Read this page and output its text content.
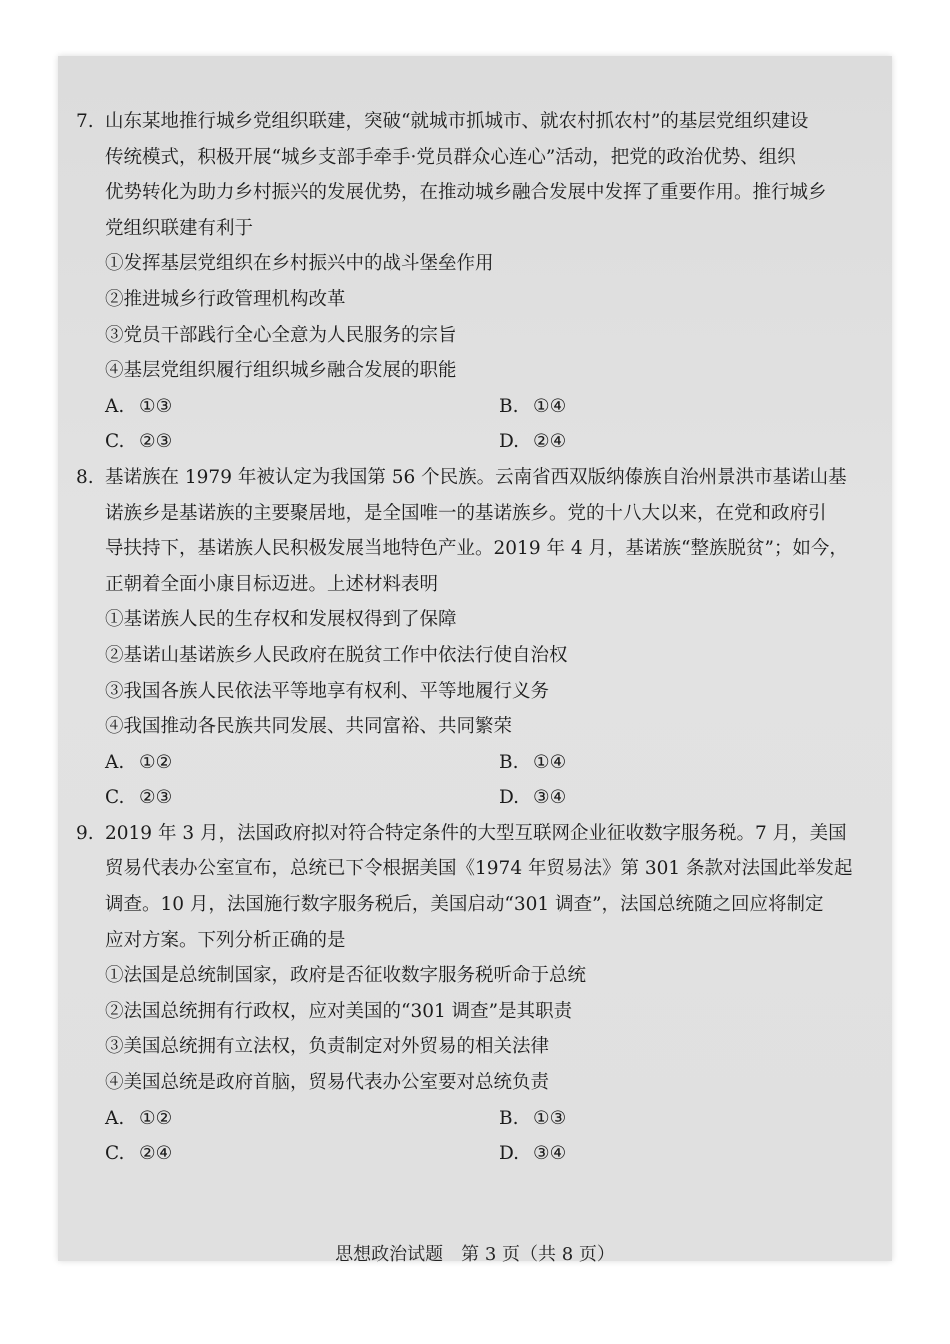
7. 山东某地推行城乡党组织联建，突破“就城市抓城市、就农村抓农村”的基层党组织建设
传统模式，积极开展“城乡支部手牵手·党员群众心连心”活动，把党的政治优势、组织
优势转化为助力乡村振兴的发展优势，在推动城乡融合发展中发挥了重要作用。推行城乡
党组织联建有利于
①发挥基层党组织在乡村振兴中的战斗堡垒作用
②推进城乡行政管理机构改革
③党员干部践行全心全意为人民服务的宗旨
④基层党组织履行组织城乡融合发展的职能
A. ①③	B. ①④
C. ②③	D. ②④
8. 基诺族在 1979 年被认定为我国第 56 个民族。云南省西双版纳傣族自治州景洪市基诺山基
诺族乡是基诺族的主要聚居地，是全国唯一的基诺族乡。党的十八大以来，在党和政府引
导扶持下，基诺族人民积极发展当地特色产业。2019 年 4 月，基诺族“整族脱贫”；如今，
正朝着全面小康目标迈进。上述材料表明
①基诺族人民的生存权和发展权得到了保障
②基诺山基诺族乡人民政府在脱贫工作中依法行使自治权
③我国各族人民依法平等地享有权利、平等地履行义务
④我国推动各民族共同发展、共同富裕、共同繁荣
A. ①②	B. ①④
C. ②③	D. ③④
9. 2019 年 3 月，法国政府拟对符合特定条件的大型互联网企业征收数字服务税。7 月，美国
贸易代表办公室宣布，总统已下令根据美国《1974 年贸易法》第 301 条款对法国此举发起
调查。10 月，法国施行数字服务税后，美国启动“301 调查”，法国总统随之回应将制定
应对方案。下列分析正确的是
①法国是总统制国家，政府是否征收数字服务税听命于总统
②法国总统拥有行政权，应对美国的“301 调查”是其职责
③美国总统拥有立法权，负责制定对外贸易的相关法律
④美国总统是政府首脑，贸易代表办公室要对总统负责
A. ①②	B. ①③
C. ②④	D. ③④
思想政治试题　第 3 页（共 8 页）
